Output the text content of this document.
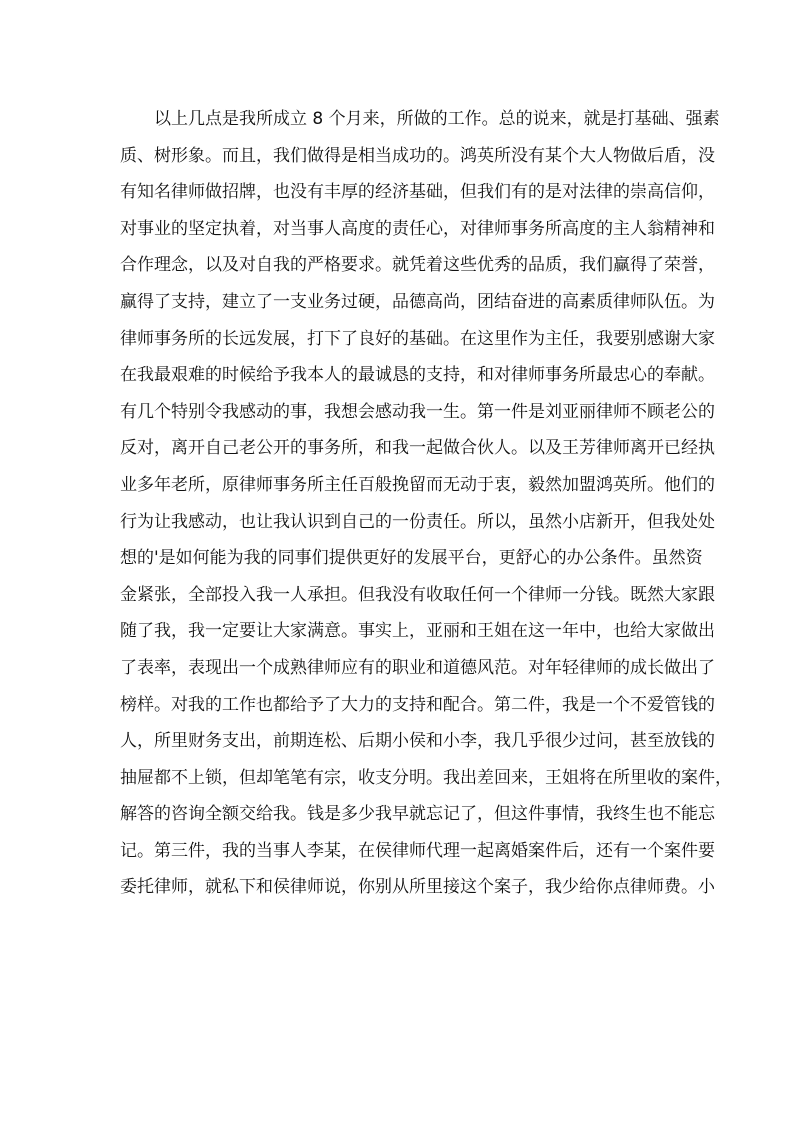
以上几点是我所成立 8 个月来，所做的工作。总的说来，就是打基础、强素
质、树形象。而且，我们做得是相当成功的。鸿英所没有某个大人物做后盾，没
有知名律师做招牌，也没有丰厚的经济基础，但我们有的是对法律的崇高信仰，
对事业的坚定执着，对当事人高度的责任心，对律师事务所高度的主人翁精神和
合作理念，以及对自我的严格要求。就凭着这些优秀的品质，我们赢得了荣誉，
赢得了支持，建立了一支业务过硬，品德高尚，团结奋进的高素质律师队伍。为
律师事务所的长远发展，打下了良好的基础。在这里作为主任，我要别感谢大家
在我最艰难的时候给予我本人的最诚恳的支持，和对律师事务所最忠心的奉献。
有几个特别令我感动的事，我想会感动我一生。第一件是刘亚丽律师不顾老公的
反对，离开自己老公开的事务所，和我一起做合伙人。以及王芳律师离开已经执
业多年老所，原律师事务所主任百般挽留而无动于衷，毅然加盟鸿英所。他们的
行为让我感动，也让我认识到自己的一份责任。所以，虽然小店新开，但我处处
想的'是如何能为我的同事们提供更好的发展平台，更舒心的办公条件。虽然资
金紧张，全部投入我一人承担。但我没有收取任何一个律师一分钱。既然大家跟
随了我，我一定要让大家满意。事实上，亚丽和王姐在这一年中，也给大家做出
了表率，表现出一个成熟律师应有的职业和道德风范。对年轻律师的成长做出了
榜样。对我的工作也都给予了大力的支持和配合。第二件，我是一个不爱管钱的
人，所里财务支出，前期连松、后期小侯和小李，我几乎很少过问，甚至放钱的
抽屉都不上锁，但却笔笔有宗，收支分明。我出差回来，王姐将在所里收的案件，
解答的咨询全额交给我。钱是多少我早就忘记了，但这件事情，我终生也不能忘
记。第三件，我的当事人李某，在侯律师代理一起离婚案件后，还有一个案件要
委托律师，就私下和侯律师说，你别从所里接这个案子，我少给你点律师费。小
